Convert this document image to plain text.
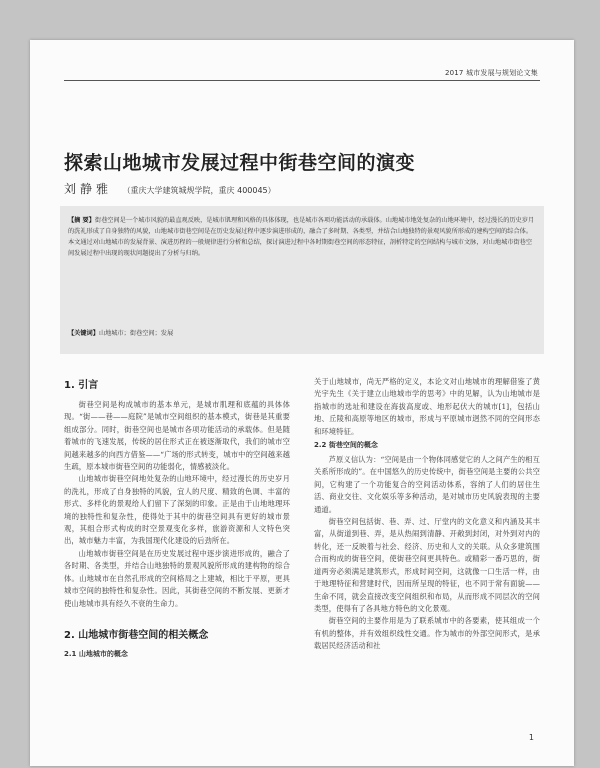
2017 城市发展与规划论文集

探索山地城市发展过程中街巷空间的演变

刘静雅 （重庆大学建筑城规学院，重庆 400045）

【摘 要】街巷空间是一个城市风貌的最直观反映，是城市肌理和风格的具体体现，也是城市各项功能活动的承载体。山地城市地处复杂的山地环境中，经过漫长的历史岁月的洗礼形成了自身独特的风貌，山地城市街巷空间是在历史发展过程中逐步演进形成的，融合了多时期、各类型，并结合山地独特的景观风貌所形成的建构空间的综合体。本文通过对山地城市的发展背景、演进历程的一般规律进行分析和总结，探讨演进过程中各时期街巷空间的形态特征，剖析特定的空间结构与城市文脉，对山地城市街巷空间发展过程中出现的现状问题提出了分析与归纳。

【关键词】山地城市；街巷空间；发展

1. 引言

街巷空间是构成城市的基本单元，是城市肌理和底蕴的具体体现。“街——巷——庭院”是城市空间组织的基本模式，街巷是其重要组成部分。同时，街巷空间也是城市各项功能活动的承载体。但是随着城市的飞速发展，传统的居住形式正在被逐渐取代，我们的城市空间越来越多的向西方借鉴——“广场的形式转变，城市中的空间越来越生疏，原本城市街巷空间的功能弱化，情感被淡化。

山地城市街巷空间地处复杂的山地环境中，经过漫长的历史岁月的洗礼，形成了自身独特的风貌，宜人的尺度、精致的色调、丰富的形式、多样化的景观给人们留下了深刻的印象。正是由于山地地理环境的独特性和复杂性，使得处于其中的街巷空间具有更好的城市景观，其组合形式构成的时空景观变化多样，旅游资源和人文特色突出，城市魅力丰富，为我国现代化建设的后劲所在。

山地城市街巷空间是在历史发展过程中逐步演进形成的，融合了各时期、各类型，并结合山地独特的景观风貌所形成的建构物的综合体。山地城市在自然孔形成的空间格局之上建城，相比于平原，更具城市空间的独特性和复杂性。因此，其街巷空间的不断发展、更新才使山地城市具有经久不衰的生命力。

2. 山地城市街巷空间的相关概念
2.1 山地城市的概念

关于山地城市，尚无严格的定义，本论文对山地城市的理解借鉴了黄光宇先生《关于建立山地城市学的思考》中的见解，认为山地城市是指城市的选址和建设在海拔高度或、地形起伏大的城市[1]，包括山地、丘陵和高原等地区的城市，形成与平原城市迥然不同的空间形态和环境特征。

2.2 街巷空间的概念

芦原义信认为：“空间是由一个物体同感觉它的人之间产生的相互关系所形成的”。在中国悠久的历史传统中，街巷空间是主要的公共空间，它构建了一个功能复合的空间活动体系，容纳了人们的居住生活、商业交往、文化娱乐等多种活动，是对城市历史风貌表现的主要通道。

街巷空间包括街、巷、弄、过、厅堂内的文化意义和内涵及其丰富，从街道到巷、弄，是从热闹到清静、开敞到封闭，对外到对内的转化，还一反映着与社会、经济、历史和人文的关联。从众多建筑围合而构成的街巷空间，使街巷空间更具特色。或精彩一番巧思的，街道两旁必须满足建筑形式，形成时间空间，这就像一口生活一样，由于地理特征和营建时代，因而所呈现的特征，也不同于常有面貌——生命不同，就会直接改变空间组织和布局，从而形成不同层次的空间类型，使得有了各具地方特色的文化景观。

街巷空间的主要作用是为了联系城市中的各要素，使其组成一个有机的整体，并有效组织线性交通。作为城市的外部空间形式，是承载居民经济活动和社

1
